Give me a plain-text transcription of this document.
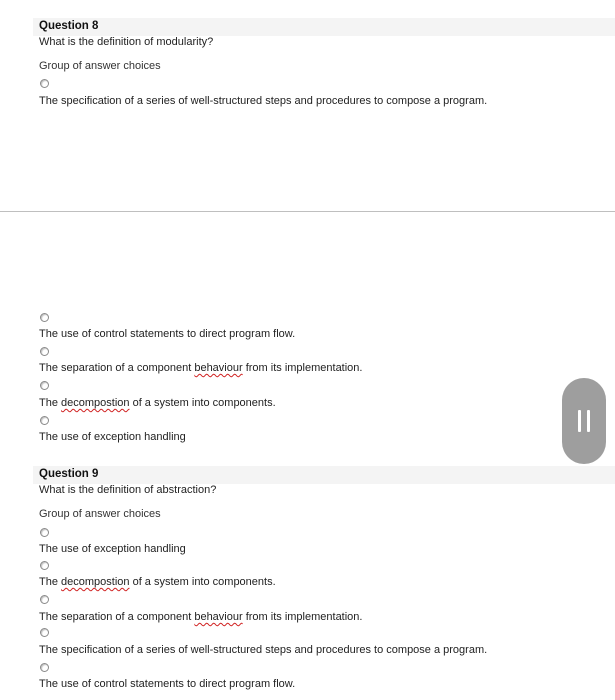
Question 8
What is the definition of modularity?
Group of answer choices
The specification of a series of well-structured steps and procedures to compose a program.
The use of control statements to direct program flow.
The separation of a component behaviour from its implementation.
The decompostion of a system into components.
The use of exception handling
Question 9
What is the definition of abstraction?
Group of answer choices
The use of exception handling
The decompostion of a system into components.
The separation of a component behaviour from its implementation.
The specification of a series of well-structured steps and procedures to compose a program.
The use of control statements to direct program flow.
